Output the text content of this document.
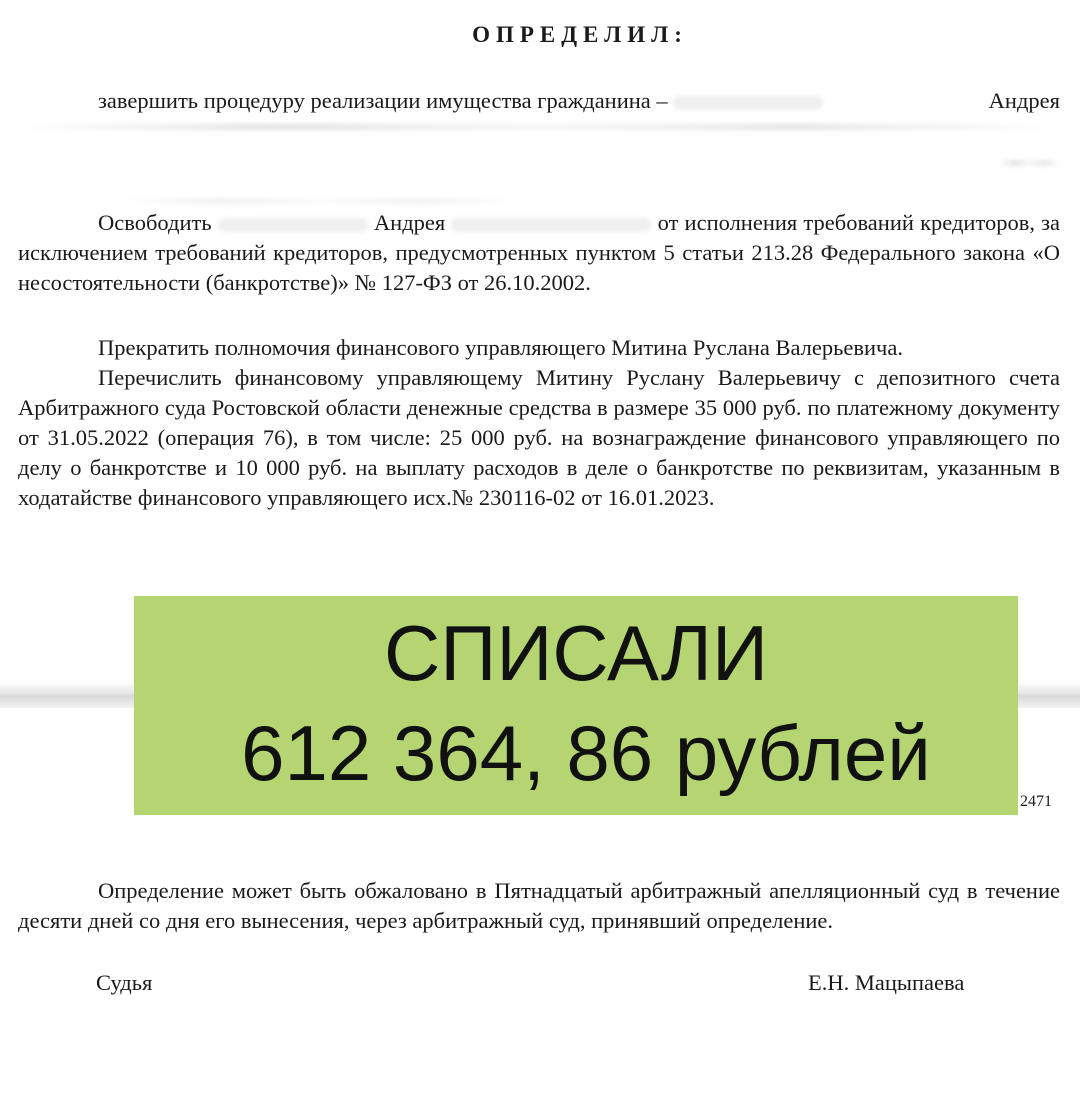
ОПРЕДЕЛИЛ:
завершить процедуру реализации имущества гражданина –	Андрея
Освободить	Андрея	от исполнения требований кредиторов, за исключением требований кредиторов, предусмотренных пунктом 5 статьи 213.28 Федерального закона «О несостоятельности (банкротстве)» № 127-ФЗ от 26.10.2002.
Прекратить полномочия финансового управляющего Митина Руслана Валерьевича.
Перечислить финансовому управляющему Митину Руслану Валерьевичу с депозитного счета Арбитражного суда Ростовской области денежные средства в размере 35 000 руб. по платежному документу от 31.05.2022 (операция 76), в том числе: 25 000 руб. на вознаграждение финансового управляющего по делу о банкротстве и 10 000 руб. на выплату расходов в деле о банкротстве по реквизитам, указанным в ходатайстве финансового управляющего исх.№ 230116-02 от 16.01.2023.
СПИСАЛИ
612 364, 86 рублей
2471
Определение может быть обжаловано в Пятнадцатый арбитражный апелляционный суд в течение десяти дней со дня его вынесения, через арбитражный суд, принявший определение.
Судья	Е.Н. Мацыпаева
